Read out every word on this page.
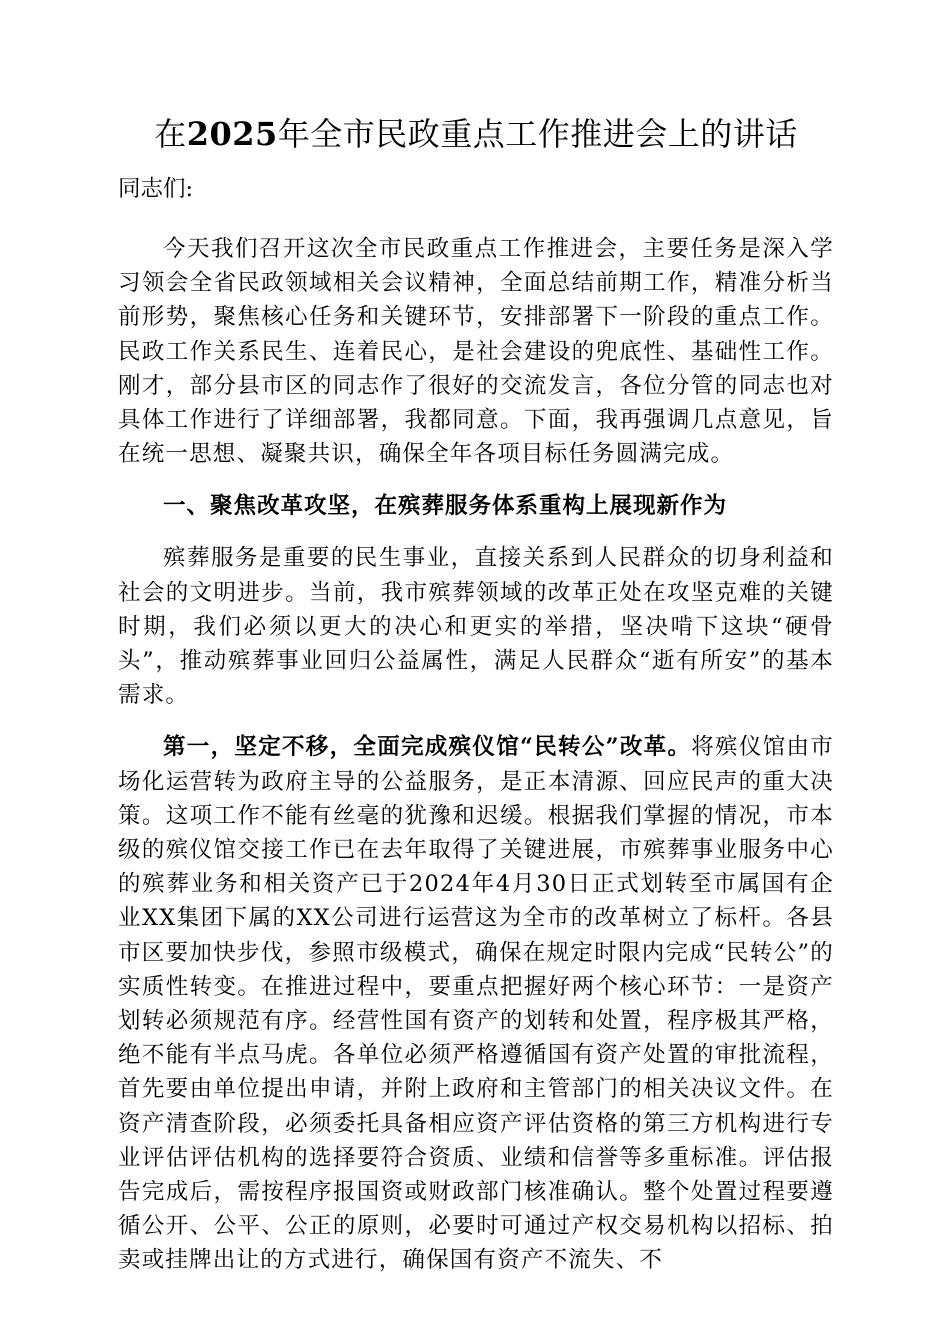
在2025年全市民政重点工作推进会上的讲话

同志们:

今天我们召开这次全市民政重点工作推进会，主要任务是深入学习领会全省民政领域相关会议精神，全面总结前期工作，精准分析当前形势，聚焦核心任务和关键环节，安排部署下一阶段的重点工作。民政工作关系民生、连着民心，是社会建设的兜底性、基础性工作。刚才，部分县市区的同志作了很好的交流发言，各位分管的同志也对具体工作进行了详细部署，我都同意。下面，我再强调几点意见，旨在统一思想、凝聚共识，确保全年各项目标任务圆满完成。

一、聚焦改革攻坚，在殡葬服务体系重构上展现新作为

殡葬服务是重要的民生事业，直接关系到人民群众的切身利益和社会的文明进步。当前，我市殡葬领域的改革正处在攻坚克难的关键时期，我们必须以更大的决心和更实的举措，坚决啃下这块“硬骨头”，推动殡葬事业回归公益属性，满足人民群众“逝有所安”的基本需求。

第一，坚定不移，全面完成殡仪馆“民转公”改革。将殡仪馆由市场化运营转为政府主导的公益服务，是正本清源、回应民声的重大决策。这项工作不能有丝毫的犹豫和迟缓。根据我们掌握的情况，市本级的殡仪馆交接工作已在去年取得了关键进展，市殡葬事业服务中心的殡葬业务和相关资产已于2024年4月30日正式划转至市属国有企业XX集团下属的XX公司进行运营这为全市的改革树立了标杆。各县市区要加快步伐，参照市级模式，确保在规定时限内完成“民转公”的实质性转变。在推进过程中，要重点把握好两个核心环节：一是资产划转必须规范有序。经营性国有资产的划转和处置，程序极其严格，绝不能有半点马虎。各单位必须严格遵循国有资产处置的审批流程，首先要由单位提出申请，并附上政府和主管部门的相关决议文件。在资产清查阶段，必须委托具备相应资产评估资格的第三方机构进行专业评估评估机构的选择要符合资质、业绩和信誉等多重标准。评估报告完成后，需按程序报国资或财政部门核准确认。整个处置过程要遵循公开、公平、公正的原则，必要时可通过产权交易机构以招标、拍卖或挂牌出让的方式进行，确保国有资产不流失、不
